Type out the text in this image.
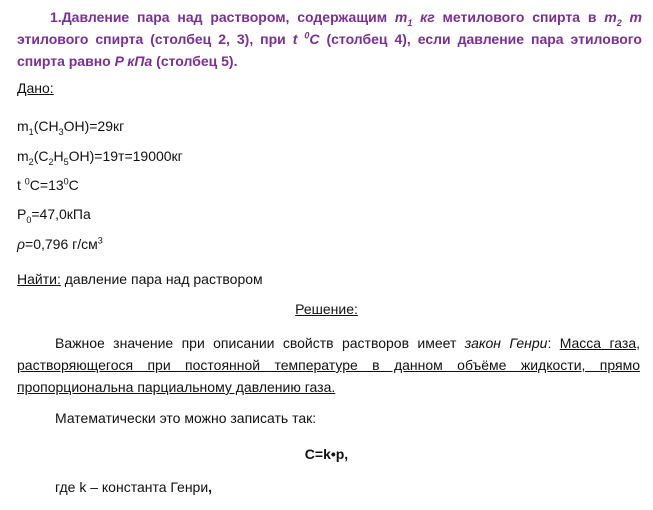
1.Давление пара над раствором, содержащим $m_1$ кг метилового спирта в $m_2$ т этилового спирта (столбец 2, 3), при t $^0$C (столбец 4), если давление пара этилового спирта равно P кПа (столбец 5).

Дано:

$m_1(CH_3OH)=29кг$

$m_2(C_2H_5OH)=19т=19000кг$

t $^0C=13^0C$

$P_0=47,0кПа$

ρ=0,796 $г/см^3$

Найти: давление пара над раствором

Решение:

Важное значение при описании свойств растворов имеет закон Генри: Масса газа, растворяющегося при постоянной температуре в данном объёме жидкости, прямо пропорциональна парциальному давлению газа.

Математически это можно записать так:

C=k•p,

где k – константа Генри,
